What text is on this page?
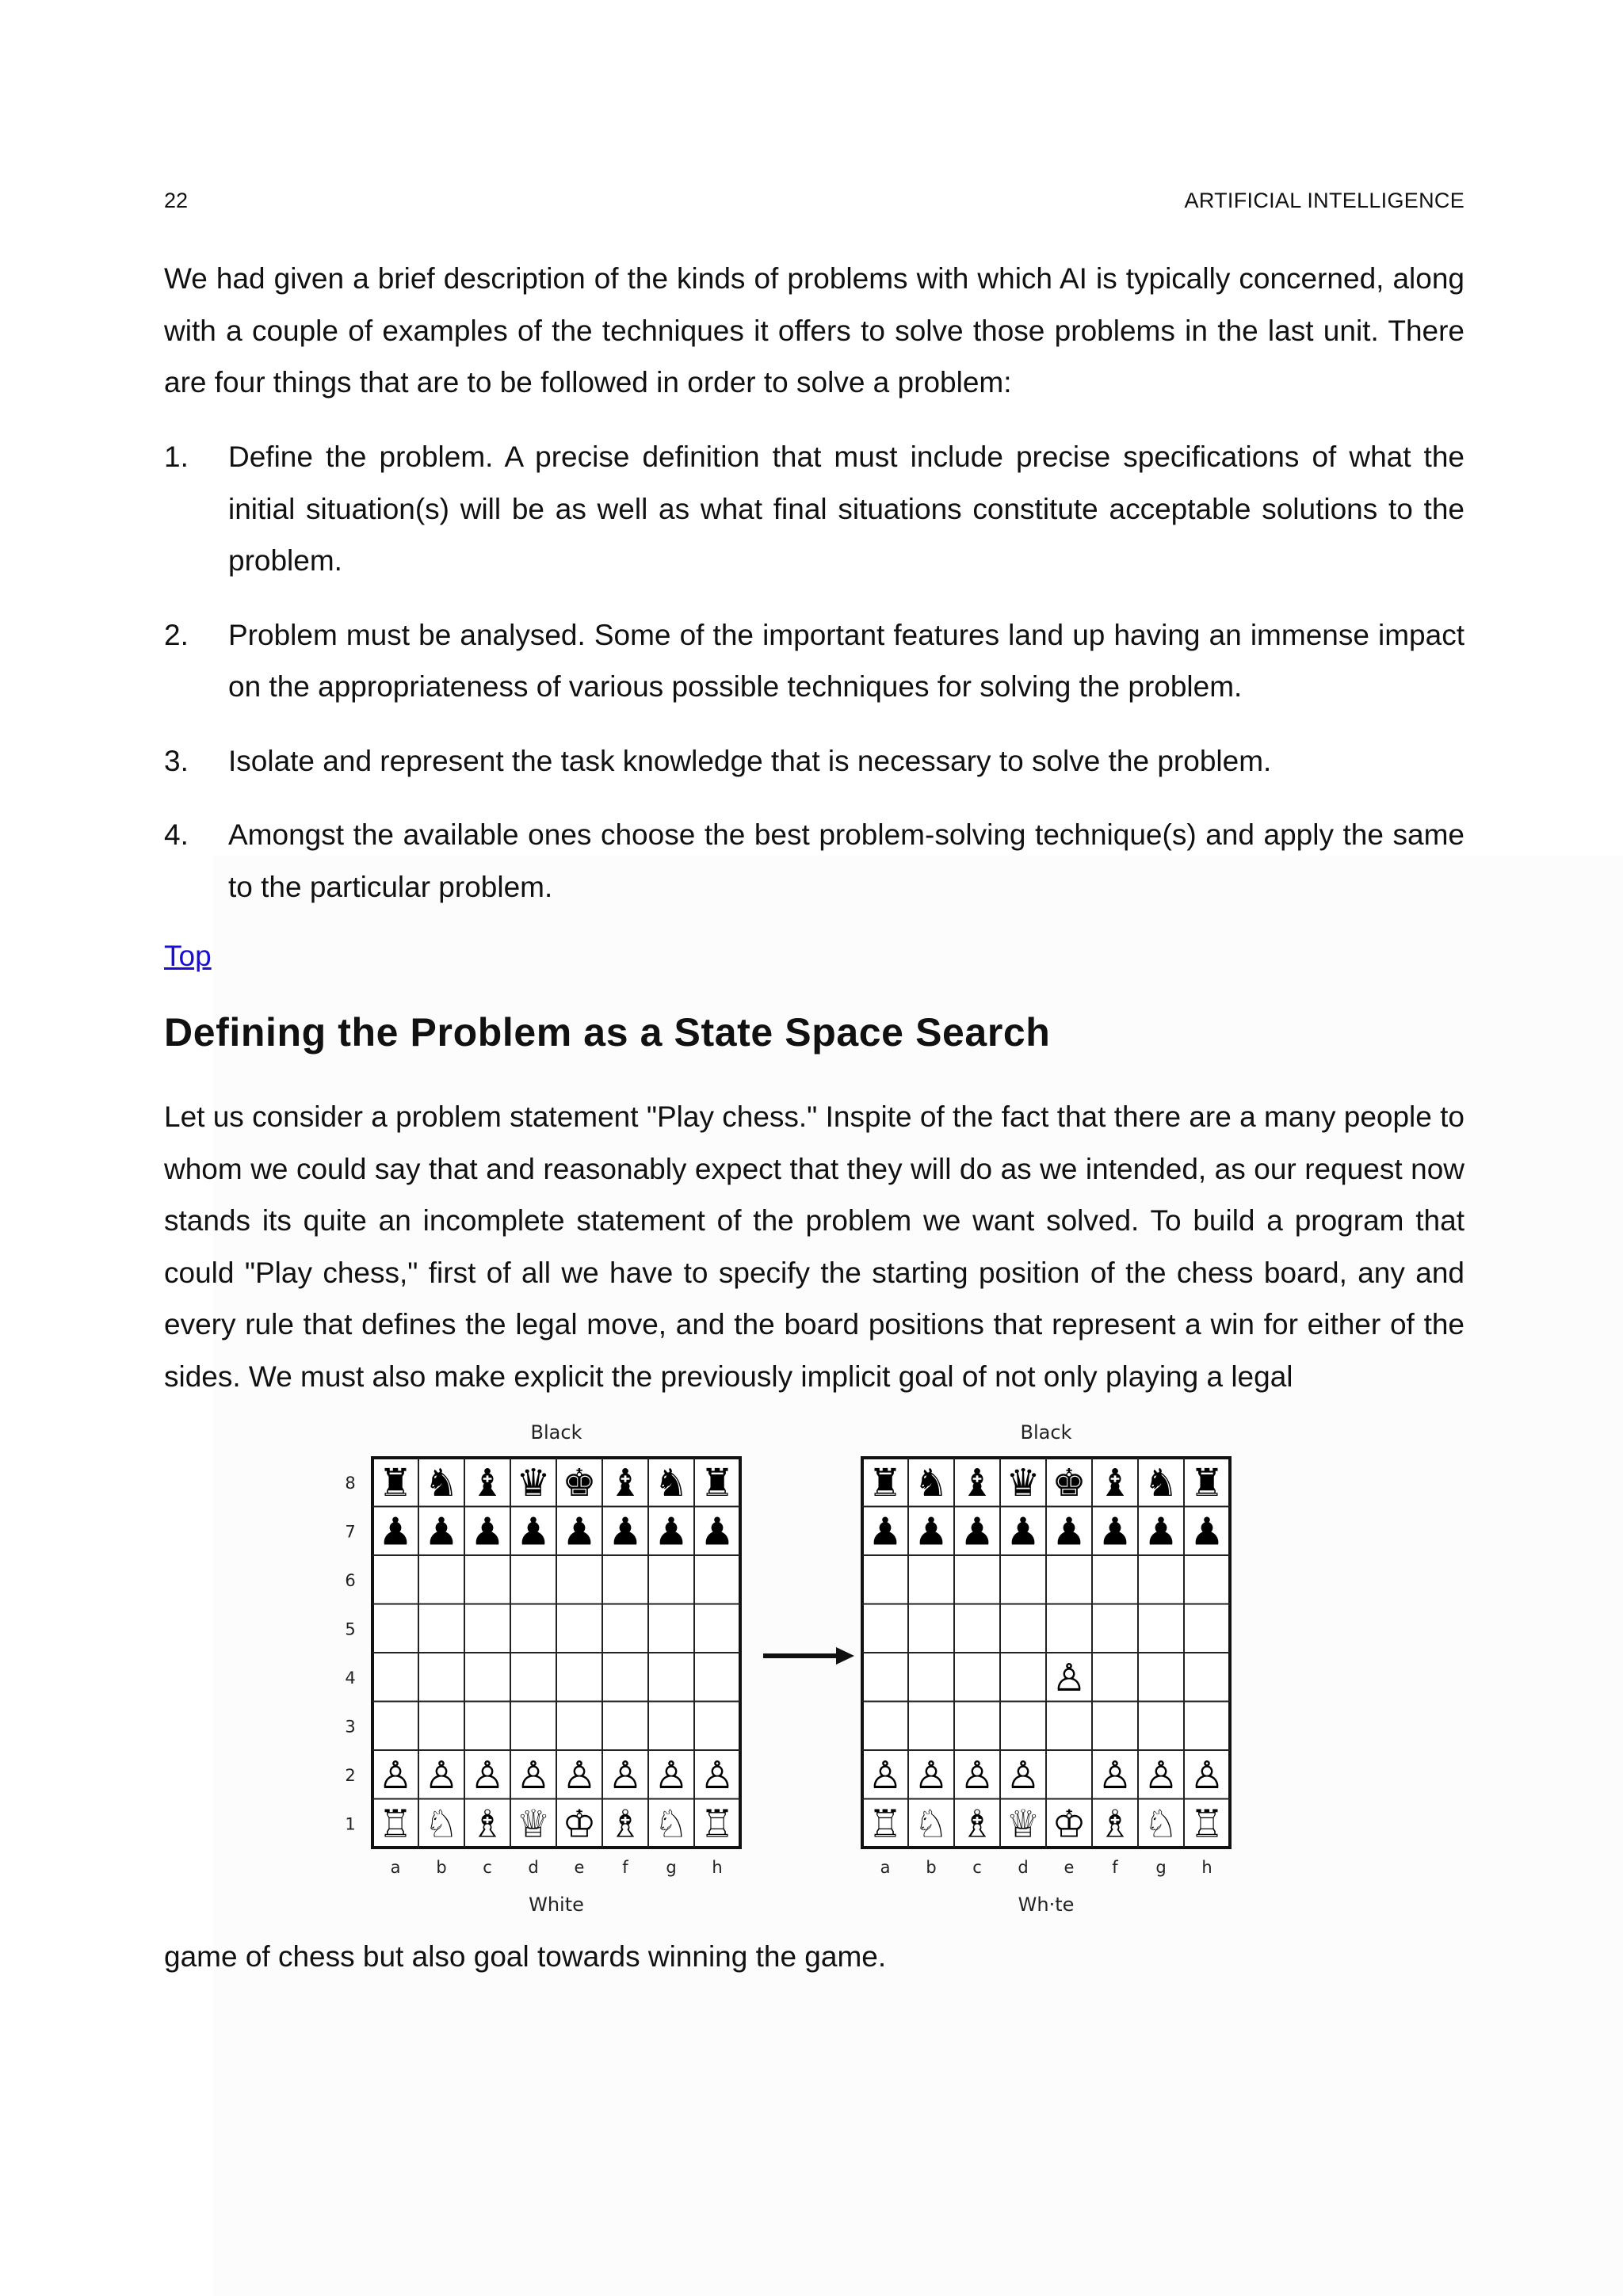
22	ARTIFICIAL INTELLIGENCE

We had given a brief description of the kinds of problems with which AI is typically concerned, along with a couple of examples of the techniques it offers to solve those problems in the last unit. There are four things that are to be followed in order to solve a problem:

1. Define the problem. A precise definition that must include precise specifications of what the initial situation(s) will be as well as what final situations constitute acceptable solutions to the problem.
2. Problem must be analysed. Some of the important features land up having an immense impact on the appropriateness of various possible techniques for solving the problem.
3. Isolate and represent the task knowledge that is necessary to solve the problem.
4. Amongst the available ones choose the best problem-solving technique(s) and apply the same to the particular problem.
Top
Defining the Problem as a State Space Search

Let us consider a problem statement "Play chess." Inspite of the fact that there are a many people to whom we could say that and reasonably expect that they will do as we intended, as our request now stands its quite an incomplete statement of the problem we want solved. To build a program that could "Play chess," first of all we have to specify the starting position of the chess board, any and every rule that defines the legal move, and the board positions that represent a win for either of the sides. We must also make explicit the previously implicit goal of not only playing a legal

Black
8
7
6
5
4
3
2
1
a b c d e f g h
♜ ♞ ♝ ♛ ♚ ♝ ♞ ♜
♟ ♟ ♟ ♟ ♟ ♟ ♟ ♟
♙ ♙ ♙ ♙ ♙ ♙ ♙ ♙
♖ ♘ ♗ ♕ ♔ ♗ ♘ ♖
White
Black
a b c d e f g h
♜ ♞ ♝ ♛ ♚ ♝ ♞ ♜
♟ ♟ ♟ ♟ ♟ ♟ ♟ ♟
♙
♙ ♙ ♙ ♙ ♙ ♙ ♙
♖ ♘ ♗ ♕ ♔ ♗ ♘ ♖
Wh·te

game of chess but also goal towards winning the game.
